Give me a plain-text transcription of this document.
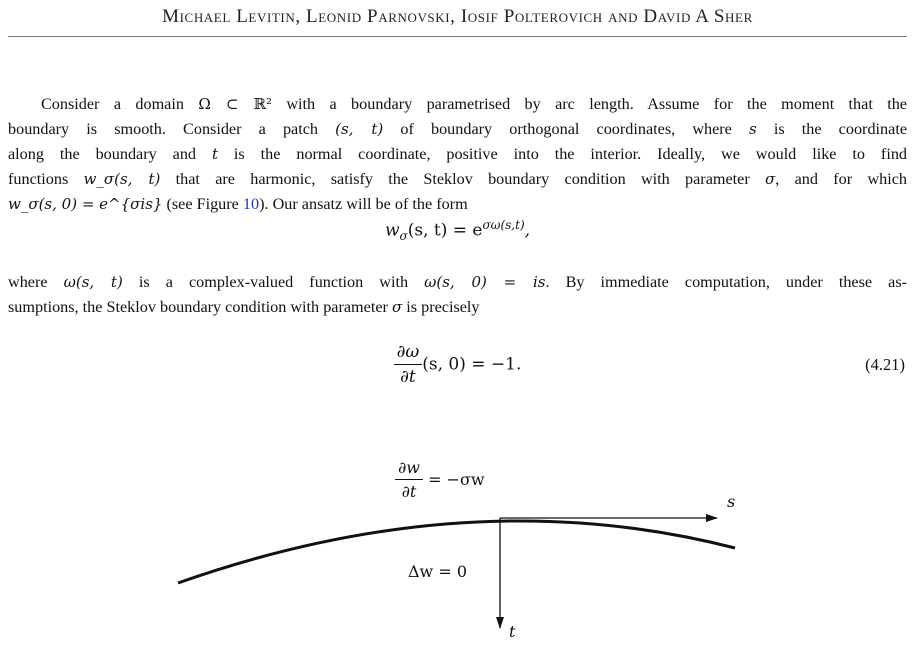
Michael Levitin, Leonid Parnovski, Iosif Polterovich and David A Sher
Consider a domain Ω ⊂ ℝ² with a boundary parametrised by arc length. Assume for the moment that the
boundary is smooth. Consider a patch (s, t) of boundary orthogonal coordinates, where s is the coordinate
along the boundary and t is the normal coordinate, positive into the interior. Ideally, we would like to find
functions w_σ(s, t) that are harmonic, satisfy the Steklov boundary condition with parameter σ, and for which
w_σ(s, 0) = e^{σis} (see Figure 10). Our ansatz will be of the form
$w_\sigma(s$, $t) = e^{\sigma\omega(s,t)}$,
where ω(s, t) is a complex-valued function with ω(s, 0) = is. By immediate computation, under these as-
sumptions, the Steklov boundary condition with parameter σ is precisely
$\frac{\partial\omega}{\partial t} (s$, 0) = −1.	(4.21)
$\frac{\partial w}{\partial t} = -\sigma w$
s
Δw = 0
t
